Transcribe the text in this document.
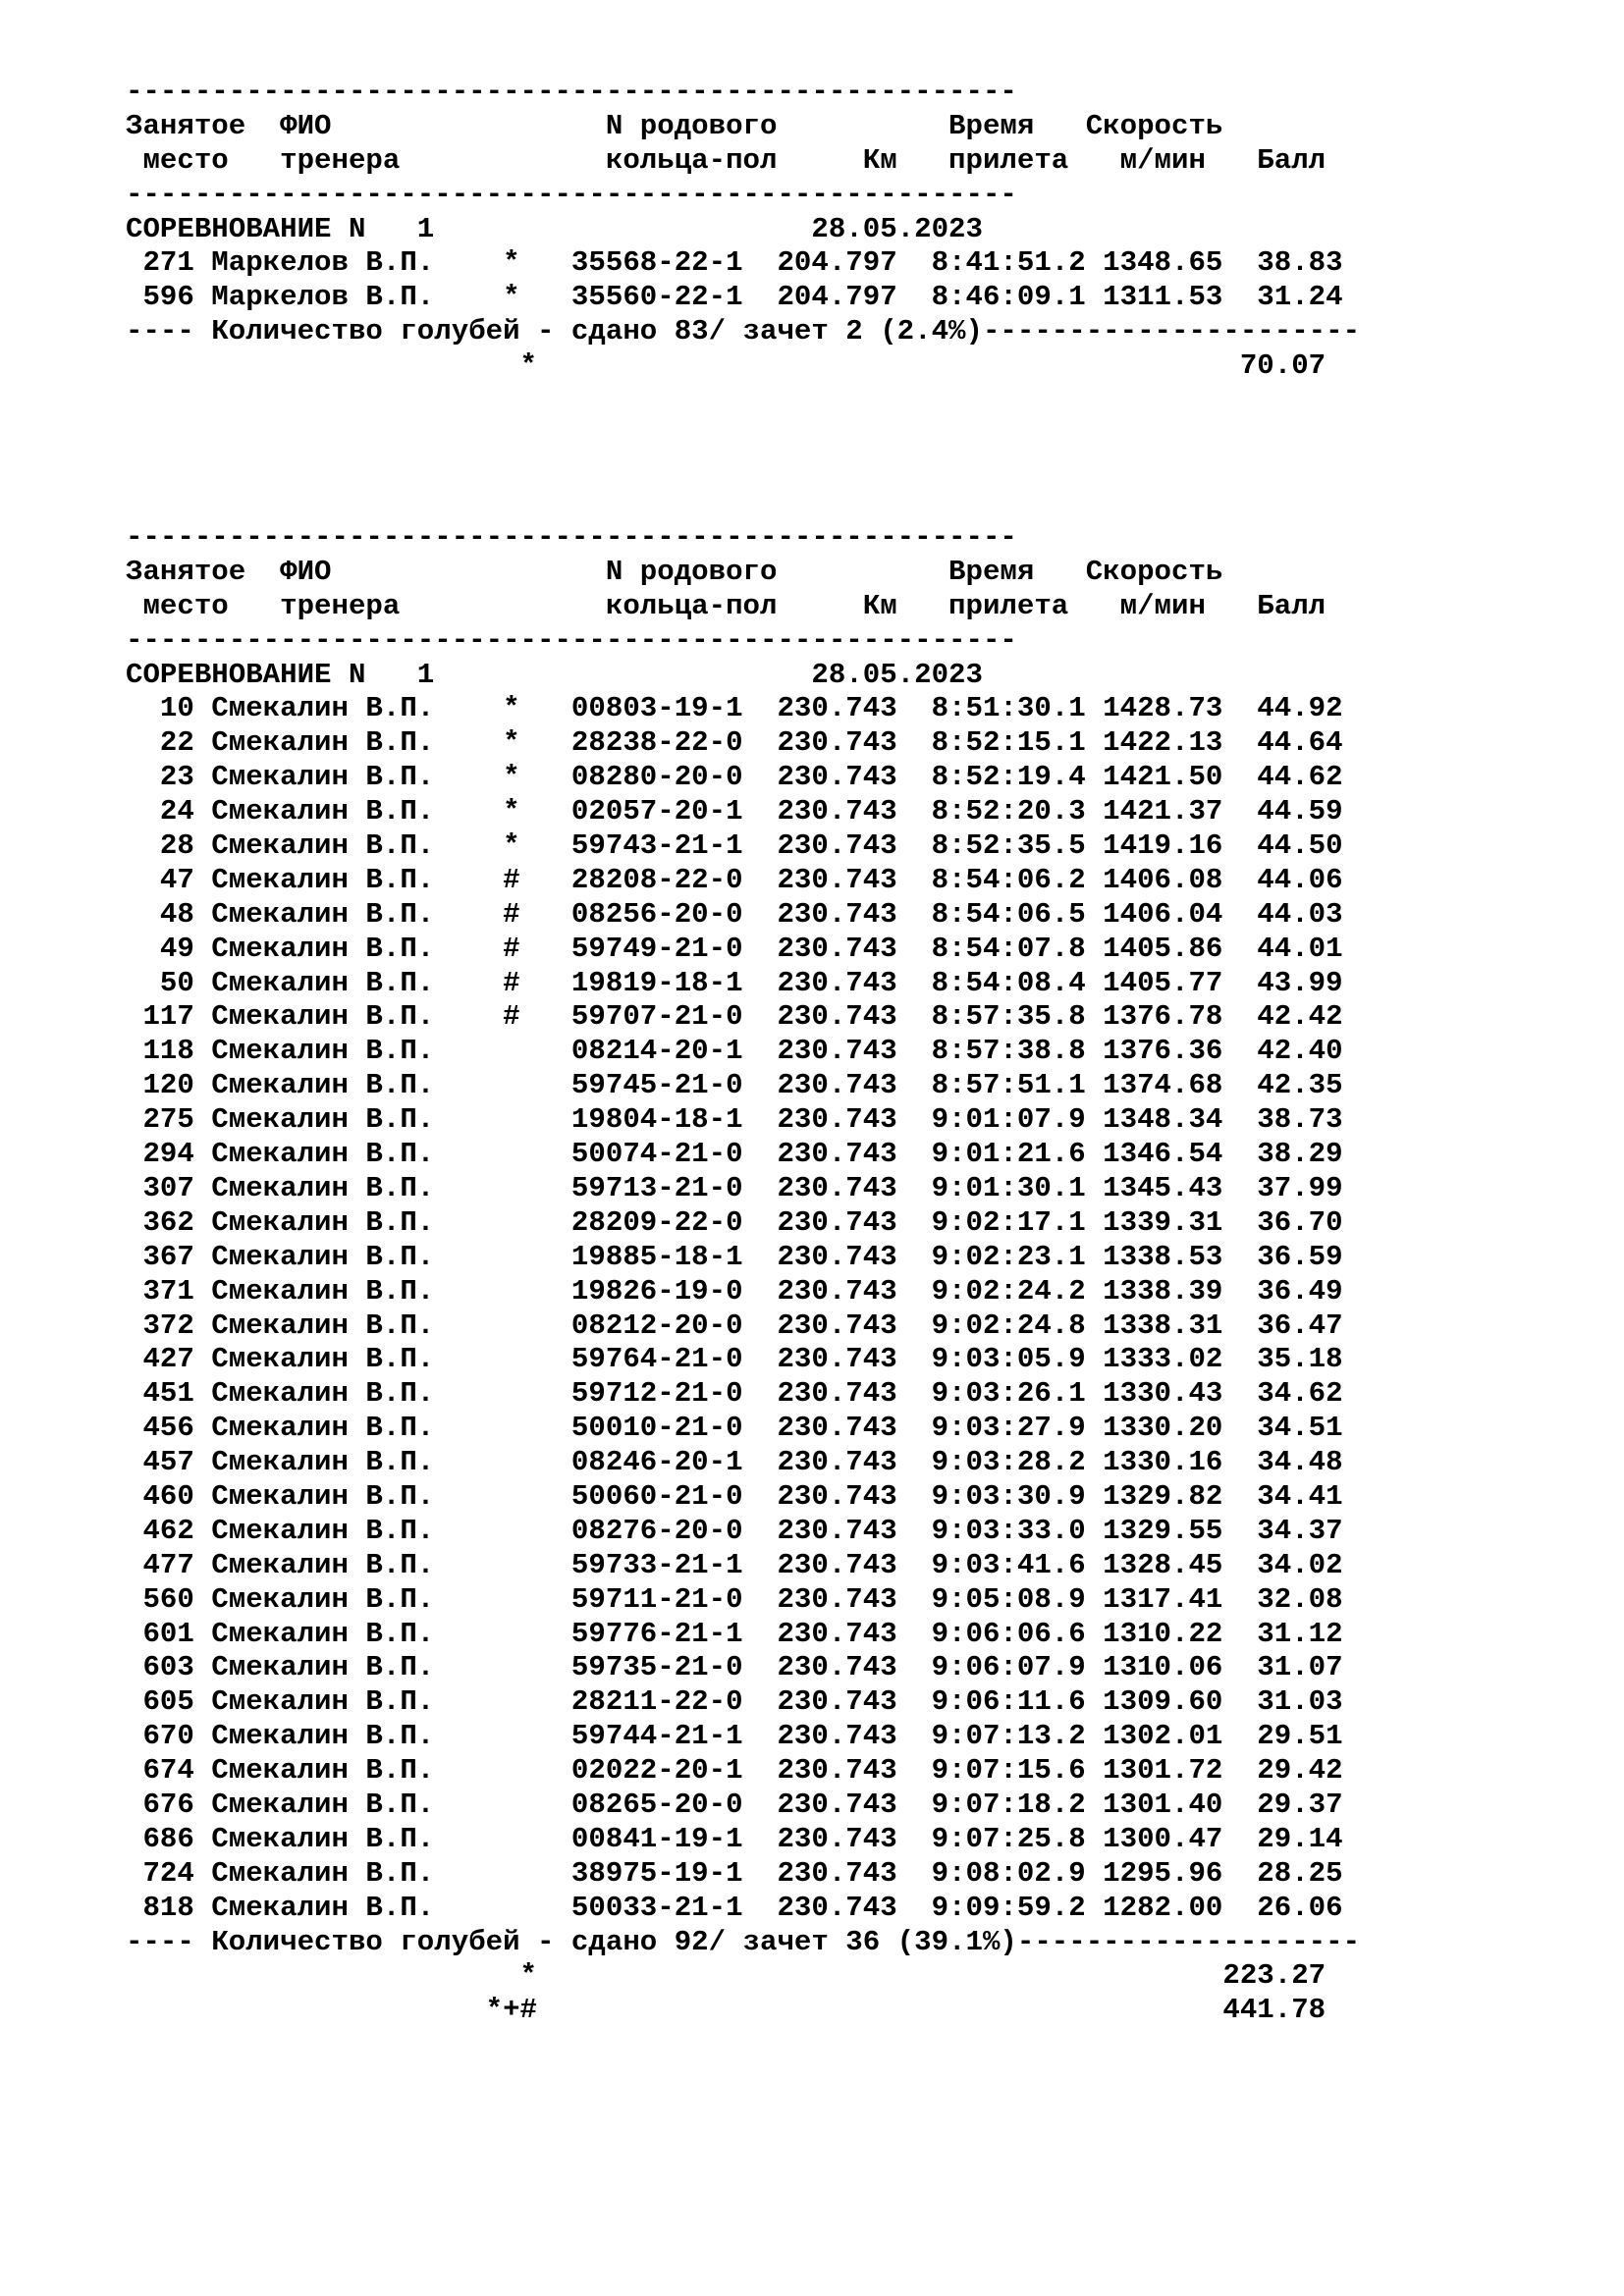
----------------------------------------------------
Занятое  ФИО                N родового          Время   Скорость
место   тренера            кольца-пол     Км   прилета   м/мин   Балл
----------------------------------------------------
СОРЕВНОВАНИЕ N   1                      28.05.2023
271 Маркелов В.П.    *   35568-22-1  204.797  8:41:51.2 1348.65  38.83
596 Маркелов В.П.    *   35560-22-1  204.797  8:46:09.1 1311.53  31.24
---- Количество голубей - сдано 83/ зачет 2 (2.4%)----------------------
*                                         70.07
----------------------------------------------------
Занятое  ФИО                N родового          Время   Скорость
место   тренера            кольца-пол     Км   прилета   м/мин   Балл
----------------------------------------------------
СОРЕВНОВАНИЕ N   1                      28.05.2023
10 Смекалин В.П.    *   00803-19-1  230.743  8:51:30.1 1428.73  44.92
22 Смекалин В.П.    *   28238-22-0  230.743  8:52:15.1 1422.13  44.64
23 Смекалин В.П.    *   08280-20-0  230.743  8:52:19.4 1421.50  44.62
24 Смекалин В.П.    *   02057-20-1  230.743  8:52:20.3 1421.37  44.59
28 Смекалин В.П.    *   59743-21-1  230.743  8:52:35.5 1419.16  44.50
47 Смекалин В.П.    #   28208-22-0  230.743  8:54:06.2 1406.08  44.06
48 Смекалин В.П.    #   08256-20-0  230.743  8:54:06.5 1406.04  44.03
49 Смекалин В.П.    #   59749-21-0  230.743  8:54:07.8 1405.86  44.01
50 Смекалин В.П.    #   19819-18-1  230.743  8:54:08.4 1405.77  43.99
117 Смекалин В.П.    #   59707-21-0  230.743  8:57:35.8 1376.78  42.42
118 Смекалин В.П.        08214-20-1  230.743  8:57:38.8 1376.36  42.40
120 Смекалин В.П.        59745-21-0  230.743  8:57:51.1 1374.68  42.35
275 Смекалин В.П.        19804-18-1  230.743  9:01:07.9 1348.34  38.73
294 Смекалин В.П.        50074-21-0  230.743  9:01:21.6 1346.54  38.29
307 Смекалин В.П.        59713-21-0  230.743  9:01:30.1 1345.43  37.99
362 Смекалин В.П.        28209-22-0  230.743  9:02:17.1 1339.31  36.70
367 Смекалин В.П.        19885-18-1  230.743  9:02:23.1 1338.53  36.59
371 Смекалин В.П.        19826-19-0  230.743  9:02:24.2 1338.39  36.49
372 Смекалин В.П.        08212-20-0  230.743  9:02:24.8 1338.31  36.47
427 Смекалин В.П.        59764-21-0  230.743  9:03:05.9 1333.02  35.18
451 Смекалин В.П.        59712-21-0  230.743  9:03:26.1 1330.43  34.62
456 Смекалин В.П.        50010-21-0  230.743  9:03:27.9 1330.20  34.51
457 Смекалин В.П.        08246-20-1  230.743  9:03:28.2 1330.16  34.48
460 Смекалин В.П.        50060-21-0  230.743  9:03:30.9 1329.82  34.41
462 Смекалин В.П.        08276-20-0  230.743  9:03:33.0 1329.55  34.37
477 Смекалин В.П.        59733-21-1  230.743  9:03:41.6 1328.45  34.02
560 Смекалин В.П.        59711-21-0  230.743  9:05:08.9 1317.41  32.08
601 Смекалин В.П.        59776-21-1  230.743  9:06:06.6 1310.22  31.12
603 Смекалин В.П.        59735-21-0  230.743  9:06:07.9 1310.06  31.07
605 Смекалин В.П.        28211-22-0  230.743  9:06:11.6 1309.60  31.03
670 Смекалин В.П.        59744-21-1  230.743  9:07:13.2 1302.01  29.51
674 Смекалин В.П.        02022-20-1  230.743  9:07:15.6 1301.72  29.42
676 Смекалин В.П.        08265-20-0  230.743  9:07:18.2 1301.40  29.37
686 Смекалин В.П.        00841-19-1  230.743  9:07:25.8 1300.47  29.14
724 Смекалин В.П.        38975-19-1  230.743  9:08:02.9 1295.96  28.25
818 Смекалин В.П.        50033-21-1  230.743  9:09:59.2 1282.00  26.06
---- Количество голубей - сдано 92/ зачет 36 (39.1%)--------------------
*                                        223.27
*+#                                        441.78
